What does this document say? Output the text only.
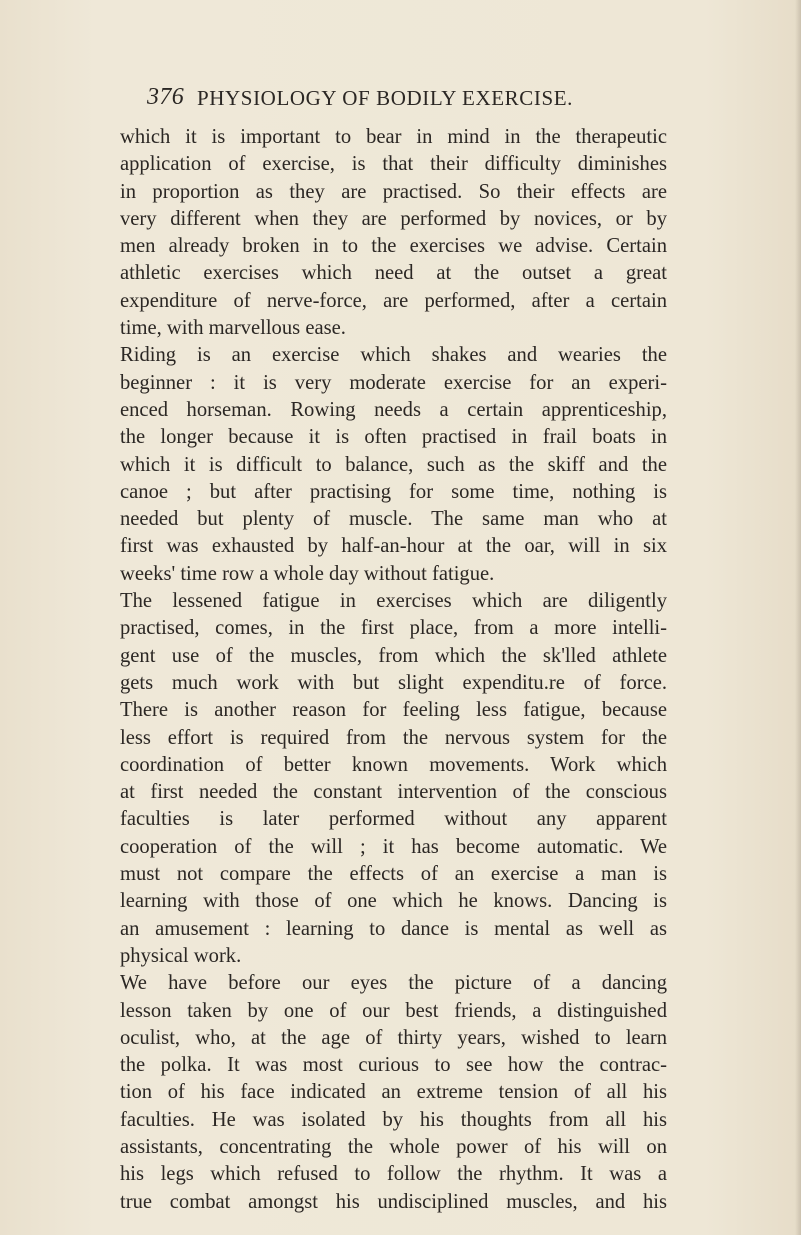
376 PHYSIOLOGY OF BODILY EXERCISE.
which it is important to bear in mind in the therapeutic
application of exercise, is that their difficulty diminishes
in proportion as they are practised. So their effects are
very different when they are performed by novices, or by
men already broken in to the exercises we advise. Certain
athletic exercises which need at the outset a great
expenditure of nerve-force, are performed, after a certain
time, with marvellous ease.
Riding is an exercise which shakes and wearies the
beginner : it is very moderate exercise for an experi-
enced horseman. Rowing needs a certain apprenticeship,
the longer because it is often practised in frail boats in
which it is difficult to balance, such as the skiff and the
canoe ; but after practising for some time, nothing is
needed but plenty of muscle. The same man who at
first was exhausted by half-an-hour at the oar, will in six
weeks' time row a whole day without fatigue.
The lessened fatigue in exercises which are diligently
practised, comes, in the first place, from a more intelli-
gent use of the muscles, from which the sk'lled athlete
gets much work with but slight expenditu.re of force.
There is another reason for feeling less fatigue, because
less effort is required from the nervous system for the
coordination of better known movements. Work which
at first needed the constant intervention of the conscious
faculties is later performed without any apparent
cooperation of the will ; it has become automatic. We
must not compare the effects of an exercise a man is
learning with those of one which he knows. Dancing is
an amusement : learning to dance is mental as well as
physical work.
We have before our eyes the picture of a dancing
lesson taken by one of our best friends, a distinguished
oculist, who, at the age of thirty years, wished to learn
the polka. It was most curious to see how the contrac-
tion of his face indicated an extreme tension of all his
faculties. He was isolated by his thoughts from all his
assistants, concentrating the whole power of his will on
his legs which refused to follow the rhythm. It was a
true combat amongst his undisciplined muscles, and his
